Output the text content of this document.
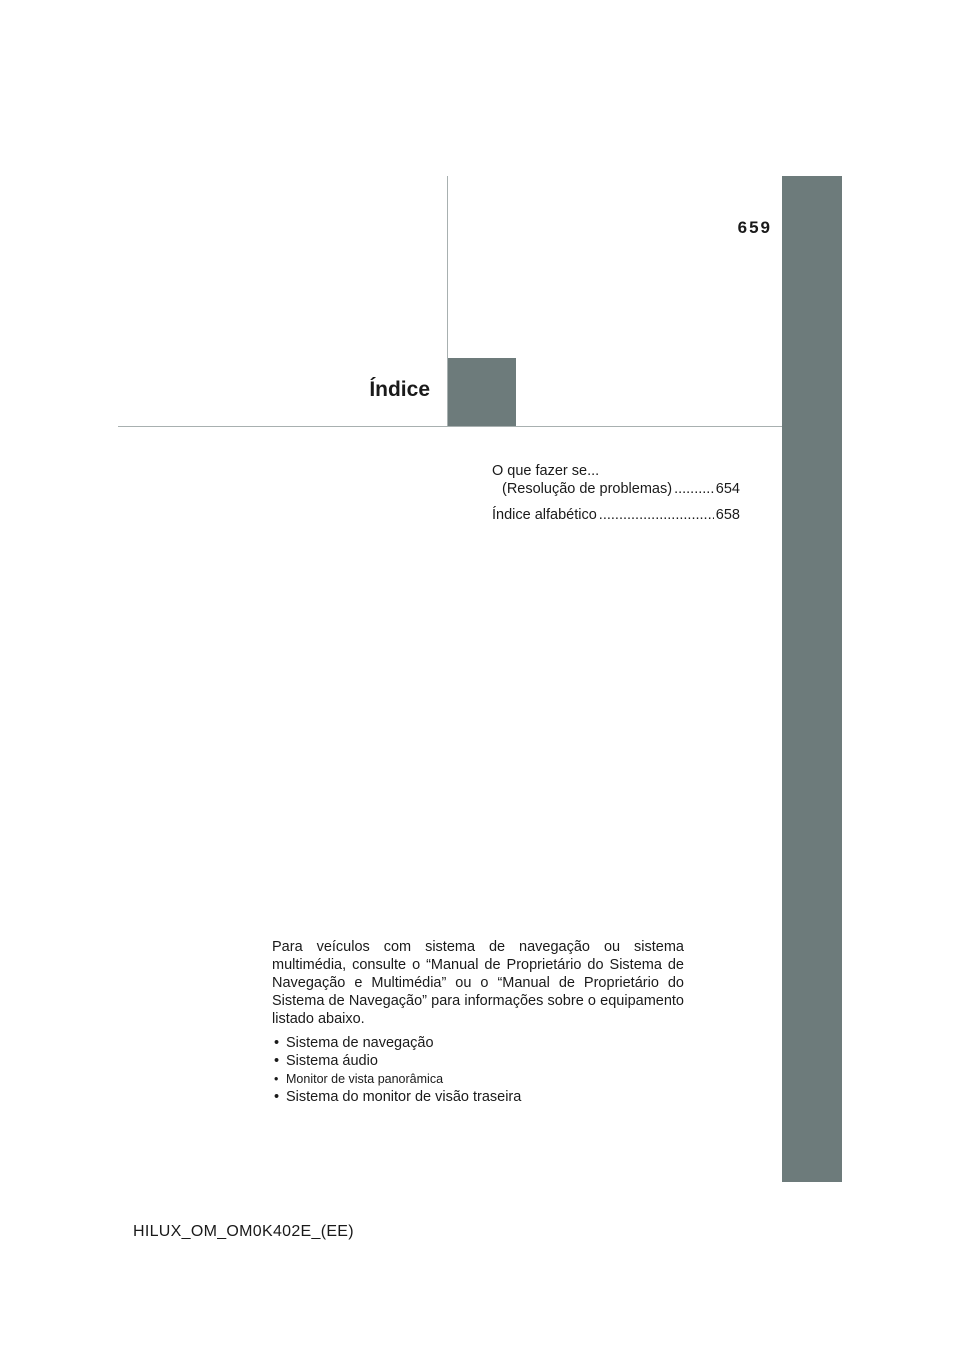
659
Índice
O que fazer se...
(Resolução de problemas) .....	654
Índice alfabético .....	658

Para veículos com sistema de navegação ou sistema multimédia, consulte o “Manual de Proprietário do Sistema de Navegação e Multimédia” ou o “Manual de Proprietário do Sistema de Navegação” para informações sobre o equipamento listado abaixo.

• Sistema de navegação
• Sistema áudio
• Monitor de vista panorâmica
• Sistema do monitor de visão traseira
HILUX_OM_OM0K402E_(EE)
